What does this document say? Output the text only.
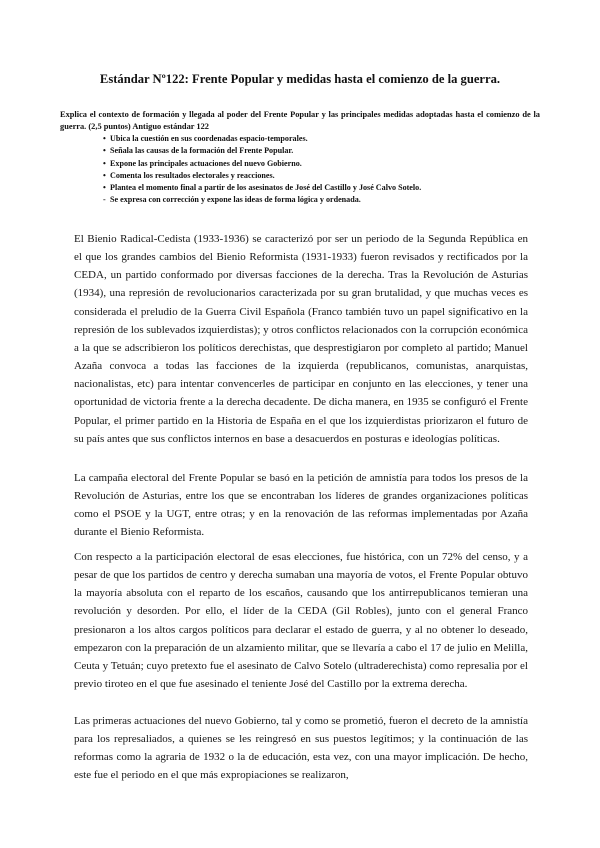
Estándar Nº122: Frente Popular y medidas hasta el comienzo de la guerra.
Explica el contexto de formación y llegada al poder del Frente Popular y las principales medidas adoptadas hasta el comienzo de la guerra. (2,5 puntos) Antiguo estándar 122
• Ubica la cuestión en sus coordenadas espacio-temporales.
• Señala las causas de la formación del Frente Popular.
• Expone las principales actuaciones del nuevo Gobierno.
• Comenta los resultados electorales y reacciones.
• Plantea el momento final a partir de los asesinatos de José del Castillo y José Calvo Sotelo.
- Se expresa con corrección y expone las ideas de forma lógica y ordenada.

El Bienio Radical-Cedista (1933-1936) se caracterizó por ser un periodo de la Segunda República en el que los grandes cambios del Bienio Reformista (1931-1933) fueron revisados y rectificados por la CEDA, un partido conformado por diversas facciones de la derecha. Tras la Revolución de Asturias (1934), una represión de revolucionarios caracterizada por su gran brutalidad, y que muchas veces es considerada el preludio de la Guerra Civil Española (Franco también tuvo un papel significativo en la represión de los sublevados izquierdistas); y otros conflictos relacionados con la corrupción económica a la que se adscribieron los políticos derechistas, que desprestigiaron por completo al partido; Manuel Azaña convoca a todas las facciones de la izquierda (republicanos, comunistas, anarquistas, nacionalistas, etc) para intentar convencerles de participar en conjunto en las elecciones, y tener una oportunidad de victoria frente a la derecha decadente. De dicha manera, en 1935 se configuró el Frente Popular, el primer partido en la Historia de España en el que los izquierdistas priorizaron el futuro de su país antes que sus conflictos internos en base a desacuerdos en posturas e ideologías políticas.

La campaña electoral del Frente Popular se basó en la petición de amnistía para todos los presos de la Revolución de Asturias, entre los que se encontraban los líderes de grandes organizaciones políticas como el PSOE y la UGT, entre otras; y en la renovación de las reformas implementadas por Azaña durante el Bienio Reformista.

Con respecto a la participación electoral de esas elecciones, fue histórica, con un 72% del censo, y a pesar de que los partidos de centro y derecha sumaban una mayoría de votos, el Frente Popular obtuvo la mayoría absoluta con el reparto de los escaños, causando que los antirrepublicanos temieran una revolución y desorden. Por ello, el líder de la CEDA (Gil Robles), junto con el general Franco presionaron a los altos cargos políticos para declarar el estado de guerra, y al no obtener lo deseado, empezaron con la preparación de un alzamiento militar, que se llevaría a cabo el 17 de julio en Melilla, Ceuta y Tetuán; cuyo pretexto fue el asesinato de Calvo Sotelo (ultraderechista) como represalia por el previo tiroteo en el que fue asesinado el teniente José del Castillo por la extrema derecha.

Las primeras actuaciones del nuevo Gobierno, tal y como se prometió, fueron el decreto de la amnistía para los represaliados, a quienes se les reingresó en sus puestos legítimos; y la continuación de las reformas como la agraria de 1932 o la de educación, esta vez, con una mayor implicación. De hecho, este fue el periodo en el que más expropiaciones se realizaron,
